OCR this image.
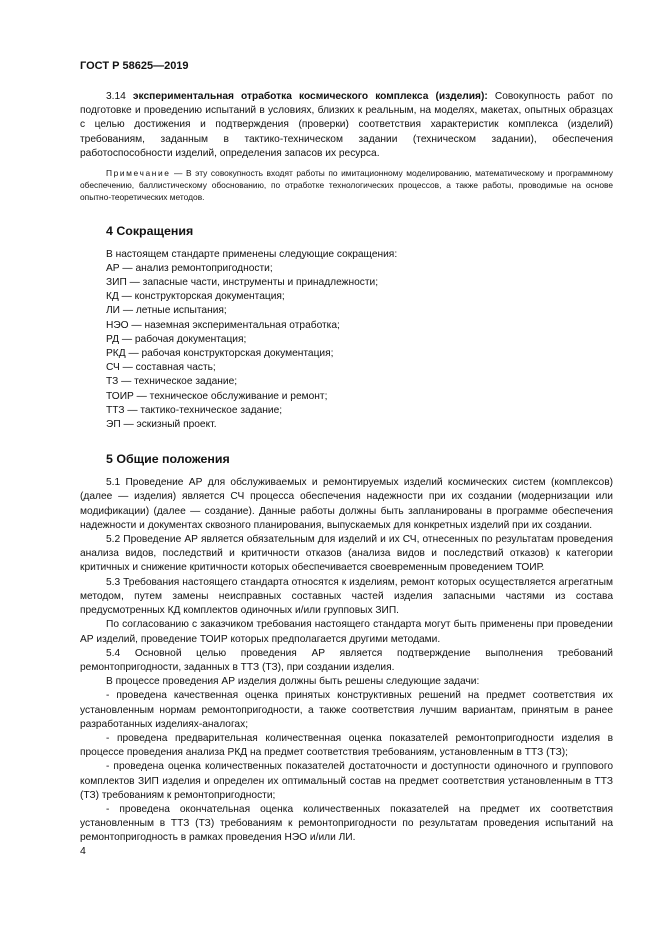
ГОСТ Р 58625—2019

3.14 экспериментальная отработка космического комплекса (изделия): Совокупность работ по подготовке и проведению испытаний в условиях, близких к реальным, на моделях, макетах, опытных образцах с целью достижения и подтверждения (проверки) соответствия характеристик комплекса (изделий) требованиям, заданным в тактико-техническом задании (техническом задании), обеспечения работоспособности изделий, определения запасов их ресурса.

Примечание — В эту совокупность входят работы по имитационному моделированию, математическому и программному обеспечению, баллистическому обоснованию, по отработке технологических процессов, а также работы, проводимые на основе опытно-теоретических методов.

4 Сокращения
В настоящем стандарте применены следующие сокращения:
АР — анализ ремонтопригодности;
ЗИП — запасные части, инструменты и принадлежности;
КД — конструкторская документация;
ЛИ — летные испытания;
НЭО — наземная экспериментальная отработка;
РД — рабочая документация;
РКД — рабочая конструкторская документация;
СЧ — составная часть;
ТЗ — техническое задание;
ТОИР — техническое обслуживание и ремонт;
ТТЗ — тактико-техническое задание;
ЭП — эскизный проект.
5 Общие положения

5.1 Проведение АР для обслуживаемых и ремонтируемых изделий космических систем (комплексов) (далее — изделия) является СЧ процесса обеспечения надежности при их создании (модернизации или модификации) (далее — создание). Данные работы должны быть запланированы в программе обеспечения надежности и документах сквозного планирования, выпускаемых для конкретных изделий при их создании.

5.2 Проведение АР является обязательным для изделий и их СЧ, отнесенных по результатам проведения анализа видов, последствий и критичности отказов (анализа видов и последствий отказов) к категории критичных и снижение критичности которых обеспечивается своевременным проведением ТОИР.

5.3 Требования настоящего стандарта относятся к изделиям, ремонт которых осуществляется агрегатным методом, путем замены неисправных составных частей изделия запасными частями из состава предусмотренных КД комплектов одиночных и/или групповых ЗИП.

По согласованию с заказчиком требования настоящего стандарта могут быть применены при проведении АР изделий, проведение ТОИР которых предполагается другими методами.

5.4 Основной целью проведения АР является подтверждение выполнения требований ремонтопригодности, заданных в ТТЗ (ТЗ), при создании изделия.

В процессе проведения АР изделия должны быть решены следующие задачи:

- проведена качественная оценка принятых конструктивных решений на предмет соответствия их установленным нормам ремонтопригодности, а также соответствия лучшим вариантам, принятым в ранее разработанных изделиях-аналогах;

- проведена предварительная количественная оценка показателей ремонтопригодности изделия в процессе проведения анализа РКД на предмет соответствия требованиям, установленным в ТТЗ (ТЗ);

- проведена оценка количественных показателей достаточности и доступности одиночного и группового комплектов ЗИП изделия и определен их оптимальный состав на предмет соответствия установленным в ТТЗ (ТЗ) требованиям к ремонтопригодности;

- проведена окончательная оценка количественных показателей на предмет их соответствия установленным в ТТЗ (ТЗ) требованиям к ремонтопригодности по результатам проведения испытаний на ремонтопригодность в рамках проведения НЭО и/или ЛИ.

4
